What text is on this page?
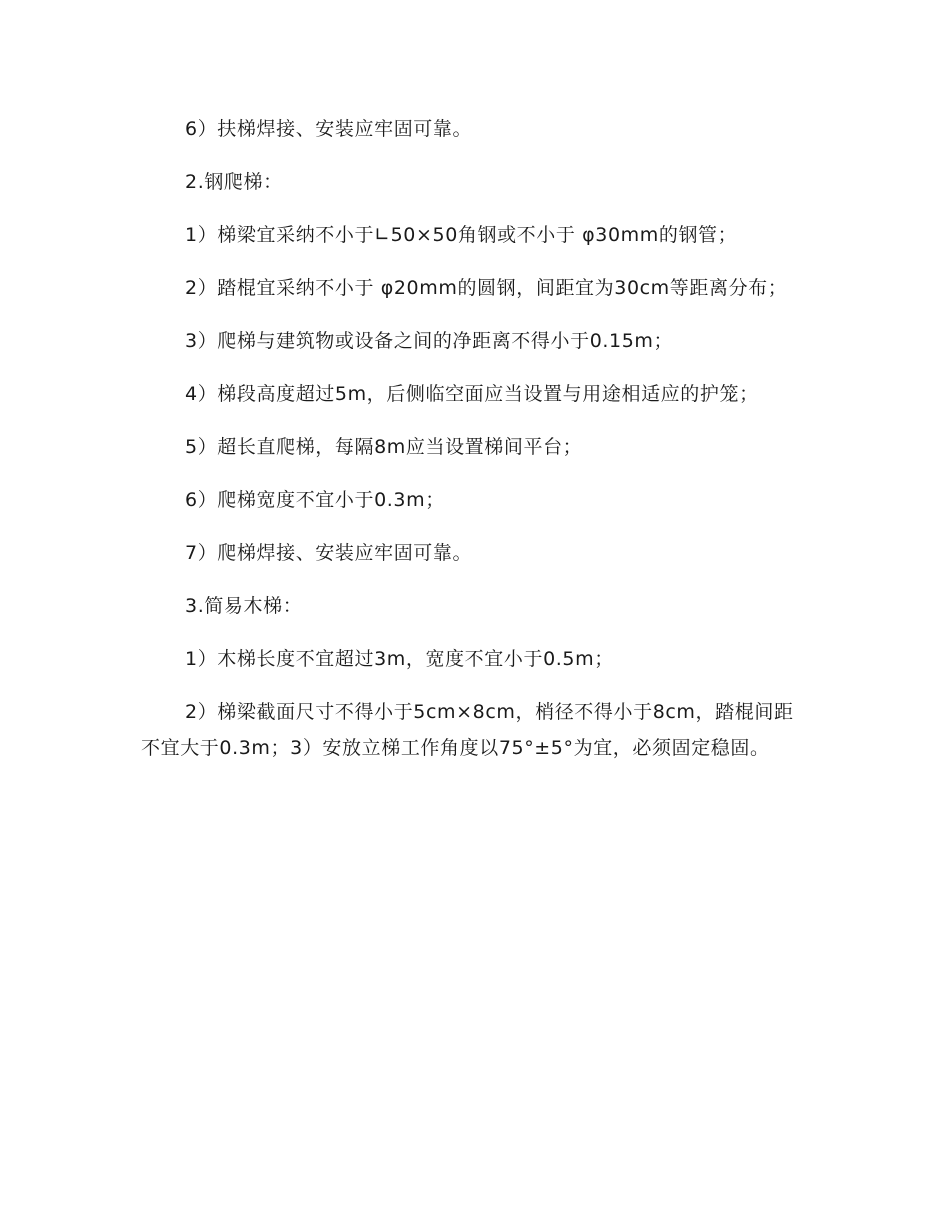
6）扶梯焊接、安装应牢固可靠。

2.钢爬梯：

1）梯梁宜采纳不小于∟50×50角钢或不小于 φ30mm的钢管；

2）踏棍宜采纳不小于 φ20mm的圆钢，间距宜为30cm等距离分布；

3）爬梯与建筑物或设备之间的净距离不得小于0.15m；

4）梯段高度超过5m，后侧临空面应当设置与用途相适应的护笼；

5）超长直爬梯，每隔8m应当设置梯间平台；

6）爬梯宽度不宜小于0.3m；

7）爬梯焊接、安装应牢固可靠。

3.简易木梯：

1）木梯长度不宜超过3m，宽度不宜小于0.5m；

2）梯梁截面尺寸不得小于5cm×8cm，梢径不得小于8cm，踏棍间距不宜大于0.3m；3）安放立梯工作角度以75°±5°为宜，必须固定稳固。
